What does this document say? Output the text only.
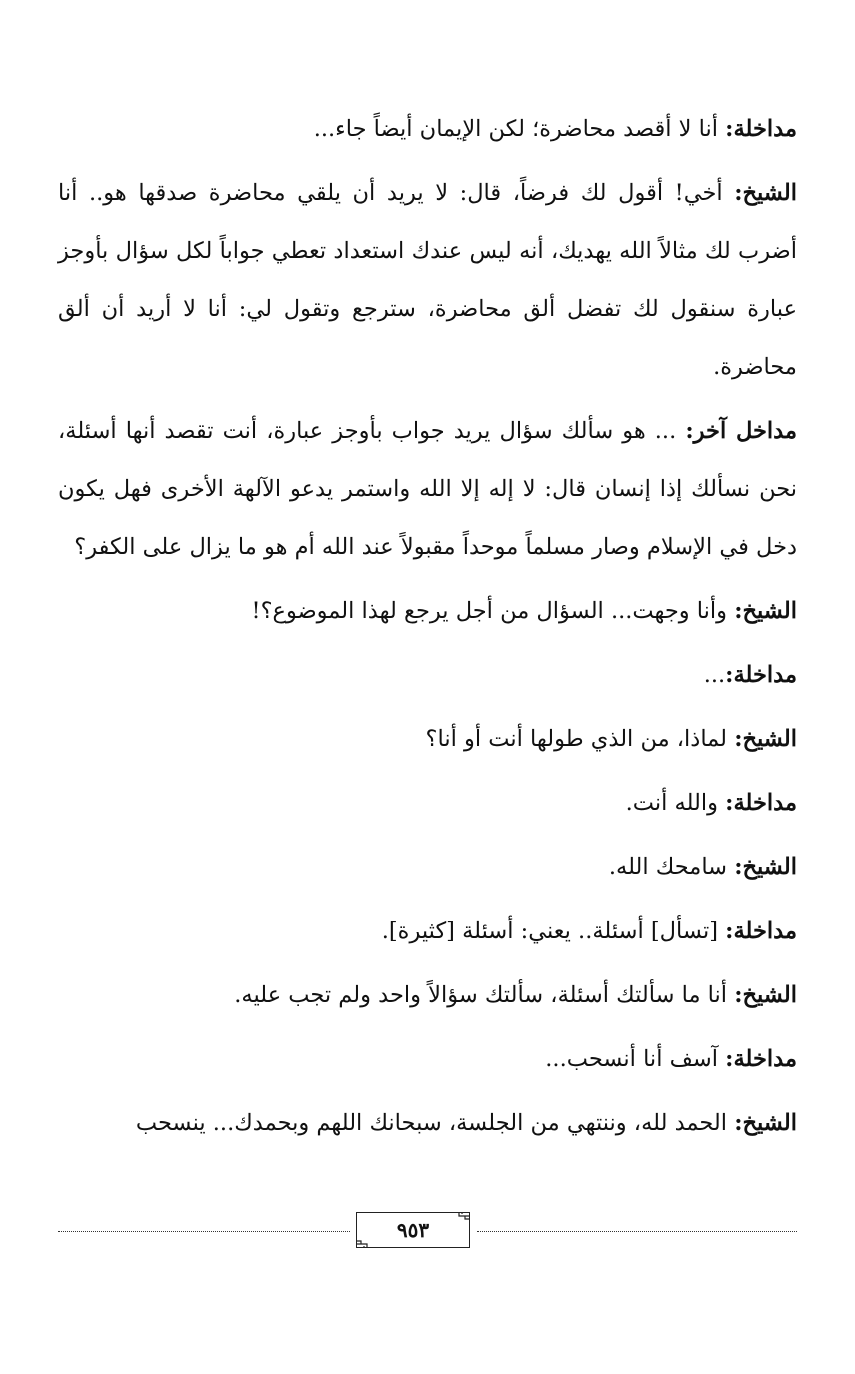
مداخلة: أنا لا أقصد محاضرة؛ لكن الإيمان أيضاً جاء...

الشيخ: أخي! أقول لك فرضاً، قال: لا يريد أن يلقي محاضرة صدقها هو.. أنا أضرب لك مثالاً الله يهديك، أنه ليس عندك استعداد تعطي جواباً لكل سؤال بأوجز عبارة سنقول لك تفضل ألق محاضرة، سترجع وتقول لي: أنا لا أريد أن ألق محاضرة.

مداخل آخر: ... هو سألك سؤال يريد جواب بأوجز عبارة، أنت تقصد أنها أسئلة، نحن نسألك إذا إنسان قال: لا إله إلا الله واستمر يدعو الآلهة الأخرى فهل يكون دخل في الإسلام وصار مسلماً موحداً مقبولاً عند الله أم هو ما يزال على الكفر؟

الشيخ: وأنا وجهت... السؤال من أجل يرجع لهذا الموضوع؟!

مداخلة:...

الشيخ: لماذا، من الذي طولها أنت أو أنا؟

مداخلة: والله أنت.

الشيخ: سامحك الله.

مداخلة: [تسأل] أسئلة.. يعني: أسئلة [كثيرة].

الشيخ: أنا ما سألتك أسئلة، سألتك سؤالاً واحد ولم تجب عليه.

مداخلة: آسف أنا أنسحب...

الشيخ: الحمد لله، وننتهي من الجلسة، سبحانك اللهم وبحمدك... ينسحب

٩٥٣
